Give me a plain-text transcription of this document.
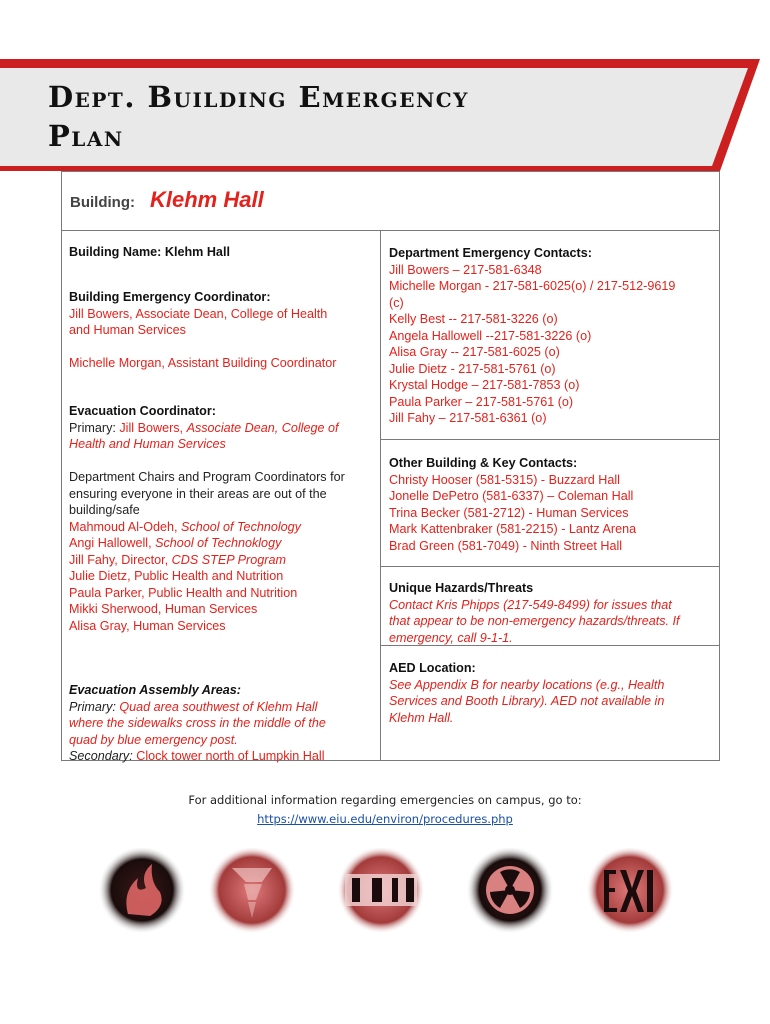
Dept. Building Emergency
Plan
Building: Klehm Hall
Building Name: Klehm Hall
Building Emergency Coordinator:
Jill Bowers, Associate Dean, College of Health
and Human Services
Michelle Morgan, Assistant Building Coordinator
Evacuation Coordinator:
Primary: Jill Bowers, Associate Dean, College of
Health and Human Services
Department Chairs and Program Coordinators for
ensuring everyone in their areas are out of the
building/safe
Mahmoud Al-Odeh, School of Technology
Angi Hallowell, School of Technoklogy
Jill Fahy, Director, CDS STEP Program
Julie Dietz, Public Health and Nutrition
Paula Parker, Public Health and Nutrition
Mikki Sherwood, Human Services
Alisa Gray, Human Services
Evacuation Assembly Areas:
Primary: Quad area southwest of Klehm Hall
where the sidewalks cross in the middle of the
quad by blue emergency post.
Secondary: Clock tower north of Lumpkin Hall
Department Emergency Contacts:
Jill Bowers – 217-581-6348
Michelle Morgan - 217-581-6025(o) / 217-512-9619
(c)
Kelly Best -- 217-581-3226 (o)
Angela Hallowell --217-581-3226 (o)
Alisa Gray -- 217-581-6025 (o)
Julie Dietz - 217-581-5761 (o)
Krystal Hodge – 217-581-7853 (o)
Paula Parker – 217-581-5761 (o)
Jill Fahy – 217-581-6361 (o)
Other Building & Key Contacts:
Christy Hooser (581-5315) - Buzzard Hall
Jonelle DePetro (581-6337) – Coleman Hall
Trina Becker (581-2712) - Human Services
Mark Kattenbraker (581-2215) - Lantz Arena
Brad Green (581-7049) - Ninth Street Hall
Unique Hazards/Threats
Contact Kris Phipps (217-549-8499) for issues that
that appear to be non-emergency hazards/threats. If
emergency, call 9-1-1.
AED Location:
See Appendix B for nearby locations (e.g., Health
Services and Booth Library). AED not available in
Klehm Hall.
For additional information regarding emergencies on campus, go to:
https://www.eiu.edu/environ/procedures.php
